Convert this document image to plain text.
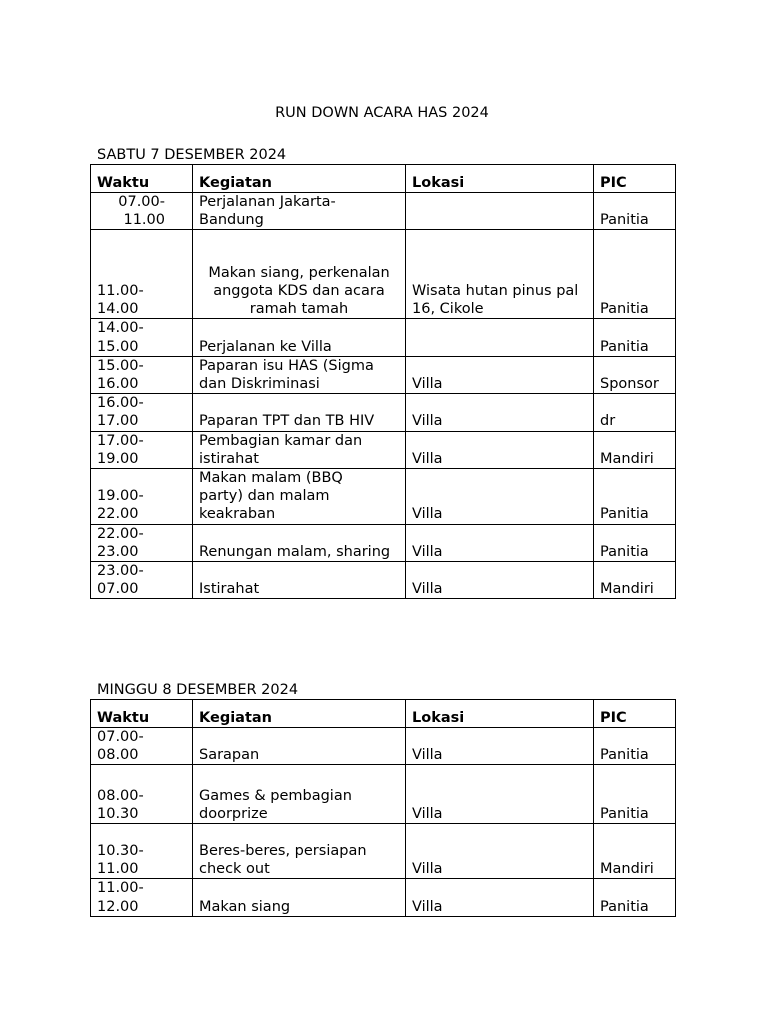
RUN DOWN ACARA HAS 2024
SABTU 7 DESEMBER 2024
Waktu	Kegiatan	Lokasi	PIC
07.00-
11.00	Perjalanan Jakarta-
Bandung		Panitia
11.00-
14.00	Makan siang, perkenalan
anggota KDS dan acara
ramah tamah	Wisata hutan pinus pal
16, Cikole	Panitia
14.00-
15.00	Perjalanan ke Villa		Panitia
15.00-
16.00	Paparan isu HAS (Sigma
dan Diskriminasi	Villa	Sponsor
16.00-
17.00	Paparan TPT dan TB HIV	Villa	dr
17.00-
19.00	Pembagian kamar dan
istirahat	Villa	Mandiri
19.00-
22.00	Makan malam (BBQ
party) dan malam
keakraban	Villa	Panitia
22.00-
23.00	Renungan malam, sharing	Villa	Panitia
23.00-
07.00	Istirahat	Villa	Mandiri
MINGGU 8 DESEMBER 2024
Waktu	Kegiatan	Lokasi	PIC
07.00-
08.00	Sarapan	Villa	Panitia
08.00-
10.30	Games & pembagian
doorprize	Villa	Panitia
10.30-
11.00	Beres-beres, persiapan
check out	Villa	Mandiri
11.00-
12.00	Makan siang	Villa	Panitia
